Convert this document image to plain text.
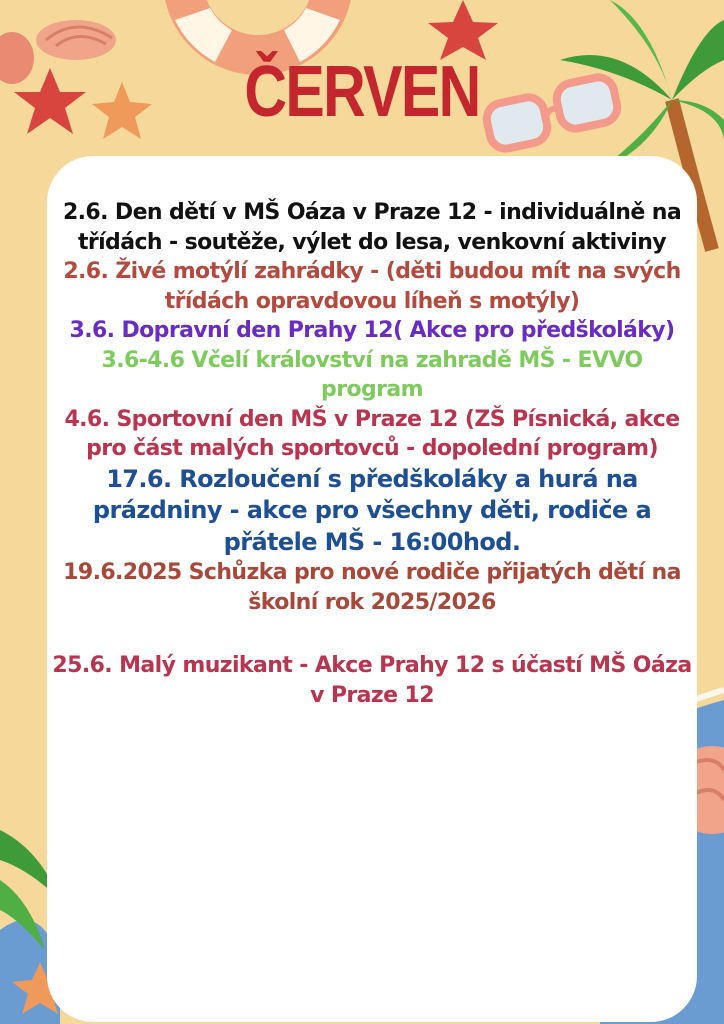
ČERVEN
2.6. Den dětí v MŠ Oáza v Praze 12 - individuálně na třídách - soutěže, výlet do lesa, venkovní aktiviny
2.6. Živé motýlí zahrádky - (děti budou mít na svých třídách opravdovou líheň s motýly)
3.6. Dopravní den Prahy 12( Akce pro předškoláky)
3.6-4.6 Včelí království na zahradě MŠ - EVVO program
4.6. Sportovní den MŠ v Praze 12 (ZŠ Písnická, akce pro část malých sportovců - dopolední program)
17.6. Rozloučení s předškoláky a hurá na prázdniny - akce pro všechny děti, rodiče a přátele MŠ - 16:00hod.
19.6.2025 Schůzka pro nové rodiče přijatých dětí na školní rok 2025/2026
25.6. Malý muzikant - Akce Prahy 12 s účastí MŠ Oáza v Praze 12
